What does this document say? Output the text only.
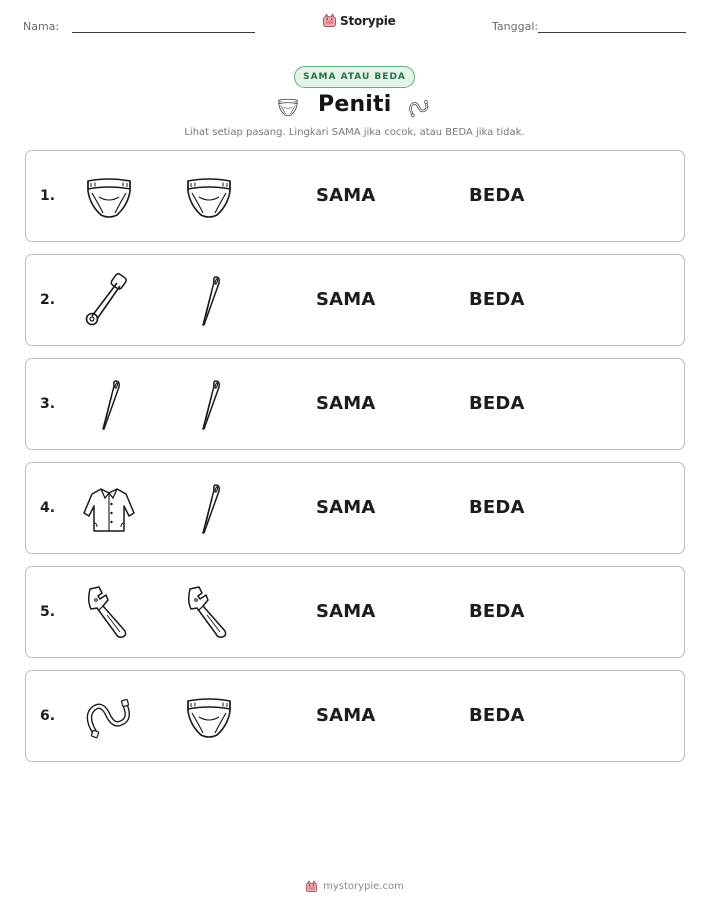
Nama:	Storypie	Tanggal:
SAMA ATAU BEDA
Peniti
Lihat setiap pasang. Lingkari SAMA jika cocok, atau BEDA jika tidak.
1.	SAMA	BEDA
2.	SAMA	BEDA
3.	SAMA	BEDA
4.	SAMA	BEDA
5.	SAMA	BEDA
6.	SAMA	BEDA
mystorypie.com
